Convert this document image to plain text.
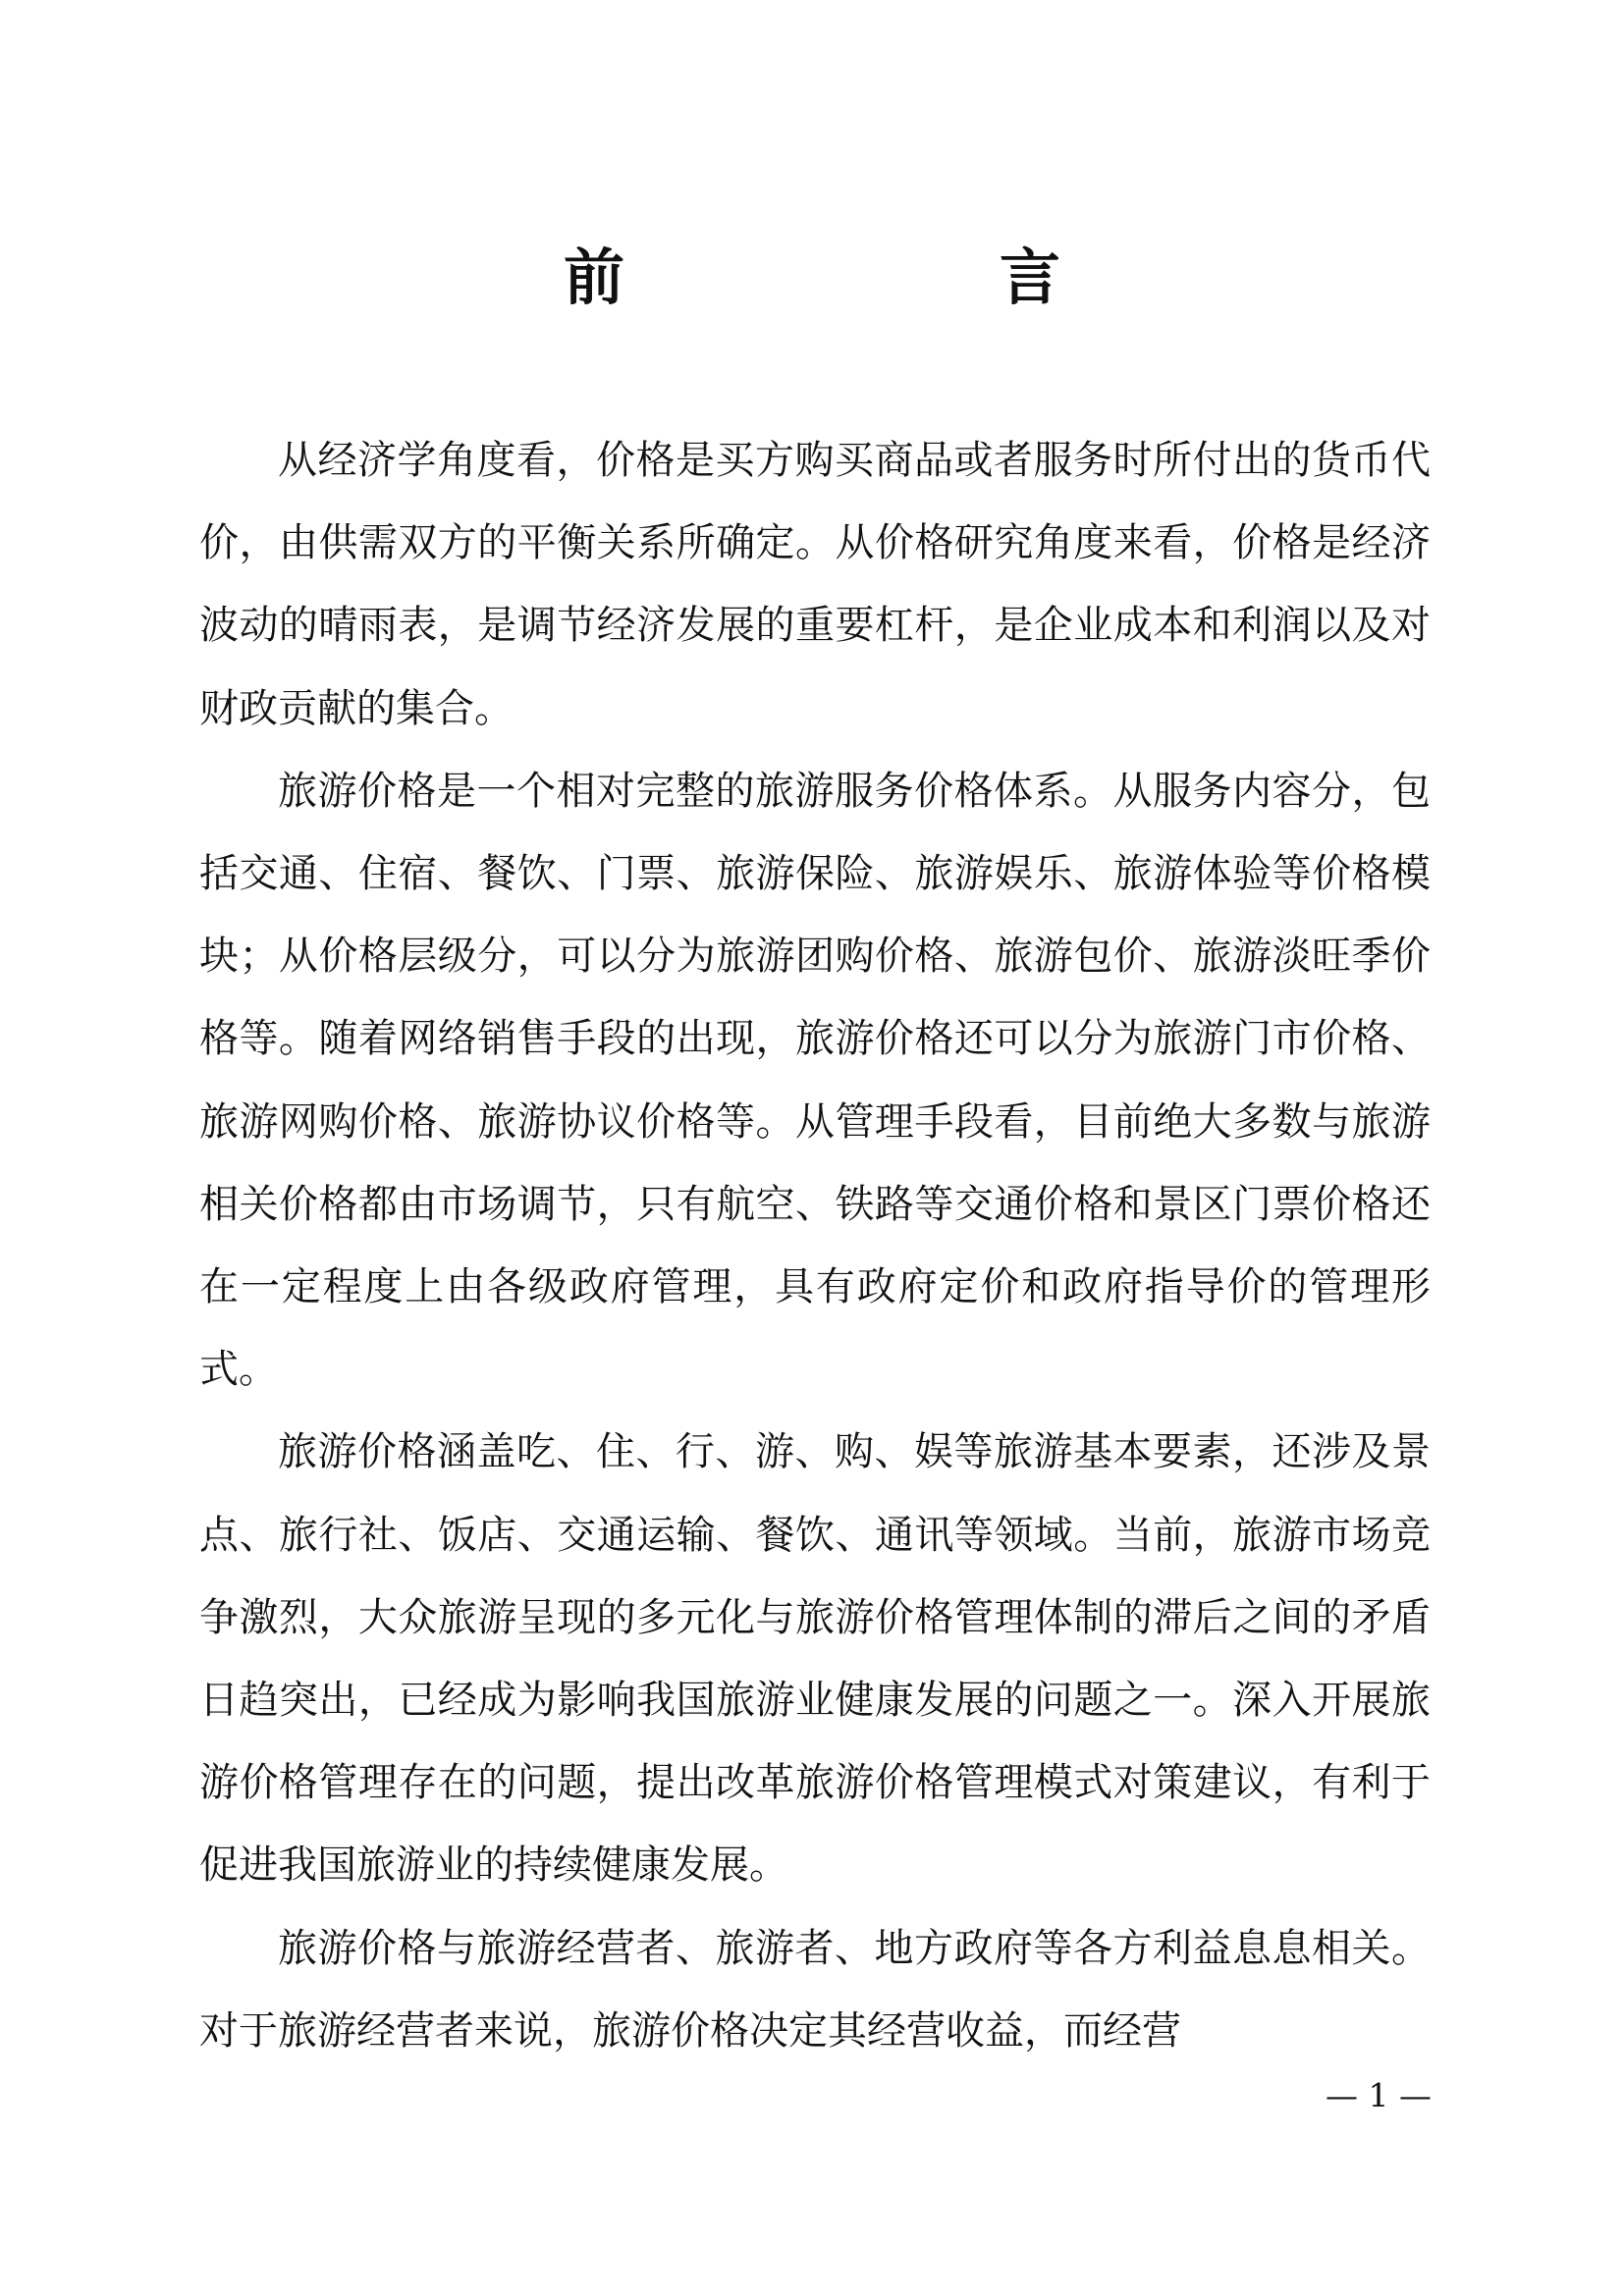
前　言

从经济学角度看，价格是买方购买商品或者服务时所付出的货币代价，由供需双方的平衡关系所确定。从价格研究角度来看，价格是经济波动的晴雨表，是调节经济发展的重要杠杆，是企业成本和利润以及对财政贡献的集合。

旅游价格是一个相对完整的旅游服务价格体系。从服务内容分，包括交通、住宿、餐饮、门票、旅游保险、旅游娱乐、旅游体验等价格模块；从价格层级分，可以分为旅游团购价格、旅游包价、旅游淡旺季价格等。随着网络销售手段的出现，旅游价格还可以分为旅游门市价格、旅游网购价格、旅游协议价格等。从管理手段看，目前绝大多数与旅游相关价格都由市场调节，只有航空、铁路等交通价格和景区门票价格还在一定程度上由各级政府管理，具有政府定价和政府指导价的管理形式。

旅游价格涵盖吃、住、行、游、购、娱等旅游基本要素，还涉及景点、旅行社、饭店、交通运输、餐饮、通讯等领域。当前，旅游市场竞争激烈，大众旅游呈现的多元化与旅游价格管理体制的滞后之间的矛盾日趋突出，已经成为影响我国旅游业健康发展的问题之一。深入开展旅游价格管理存在的问题，提出改革旅游价格管理模式对策建议，有利于促进我国旅游业的持续健康发展。

旅游价格与旅游经营者、旅游者、地方政府等各方利益息息相关。对于旅游经营者来说，旅游价格决定其经营收益，而经营

— 1 —
